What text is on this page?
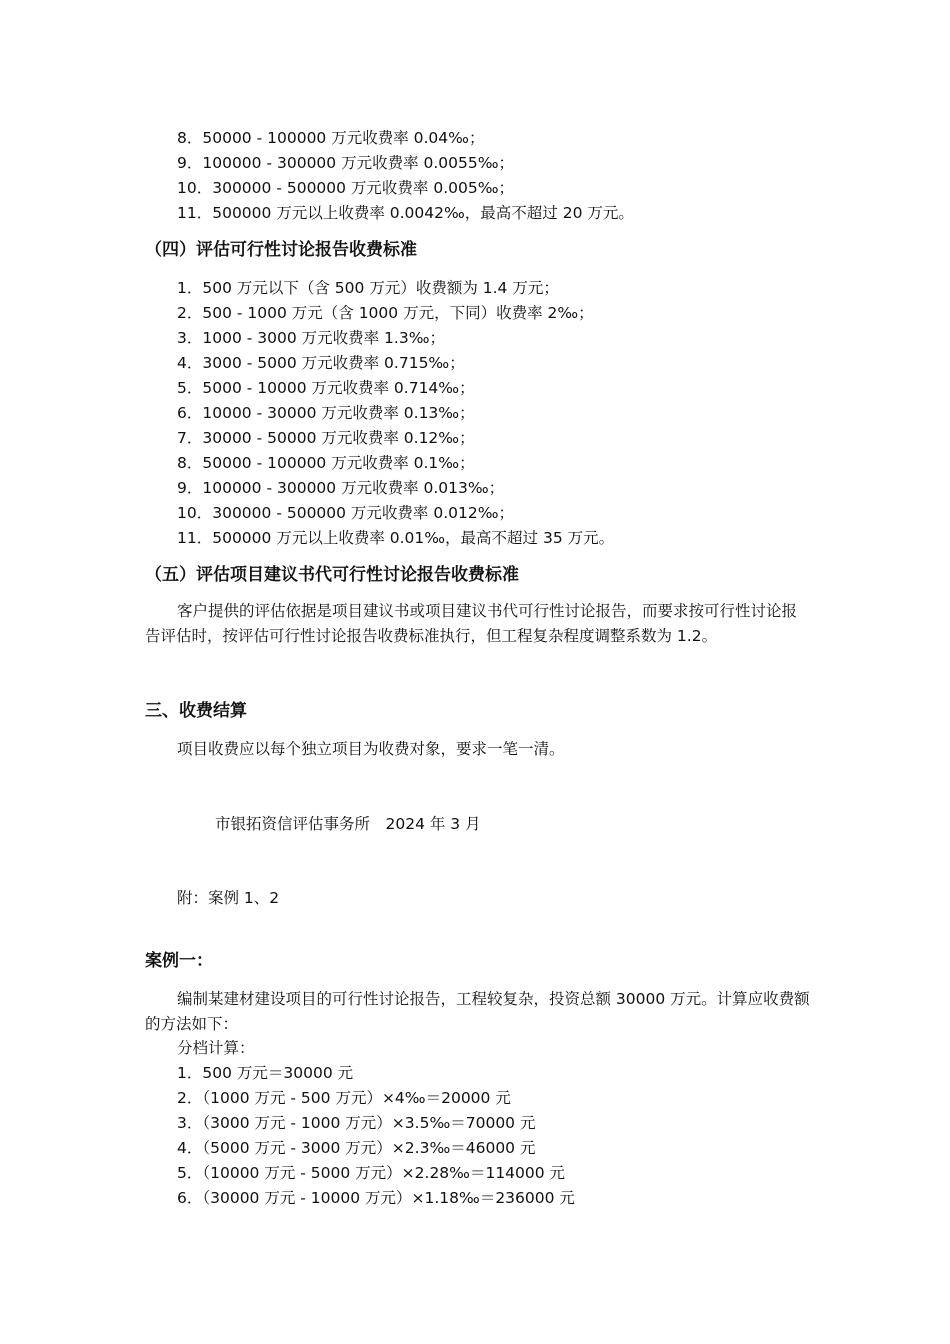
8．50000 - 100000 万元收费率 0.04‰；
9．100000 - 300000 万元收费率 0.0055‰；
10．300000 - 500000 万元收费率 0.005‰；
11．500000 万元以上收费率 0.0042‰，最高不超过 20 万元。
（四）评估可行性讨论报告收费标准
1．500 万元以下（含 500 万元）收费额为 1.4 万元；
2．500 - 1000 万元（含 1000 万元，下同）收费率 2‰；
3．1000 - 3000 万元收费率 1.3‰；
4．3000 - 5000 万元收费率 0.715‰；
5．5000 - 10000 万元收费率 0.714‰；
6．10000 - 30000 万元收费率 0.13‰；
7．30000 - 50000 万元收费率 0.12‰；
8．50000 - 100000 万元收费率 0.1‰；
9．100000 - 300000 万元收费率 0.013‰；
10．300000 - 500000 万元收费率 0.012‰；
11．500000 万元以上收费率 0.01‰，最高不超过 35 万元。
（五）评估项目建议书代可行性讨论报告收费标准
客户提供的评估依据是项目建议书或项目建议书代可行性讨论报告，而要求按可行性讨论报告评估时，按评估可行性讨论报告收费标准执行，但工程复杂程度调整系数为 1.2。
三、收费结算
项目收费应以每个独立项目为收费对象，要求一笔一清。
市银拓资信评估事务所　2024 年 3 月
附：案例 1、2
案例一：
编制某建材建设项目的可行性讨论报告，工程较复杂，投资总额 30000 万元。计算应收费额的方法如下：
分档计算：
1．500 万元＝30000 元
2．（1000 万元 - 500 万元）×4‰＝20000 元
3．（3000 万元 - 1000 万元）×3.5‰＝70000 元
4．（5000 万元 - 3000 万元）×2.3‰＝46000 元
5．（10000 万元 - 5000 万元）×2.28‰＝114000 元
6．（30000 万元 - 10000 万元）×1.18‰＝236000 元
